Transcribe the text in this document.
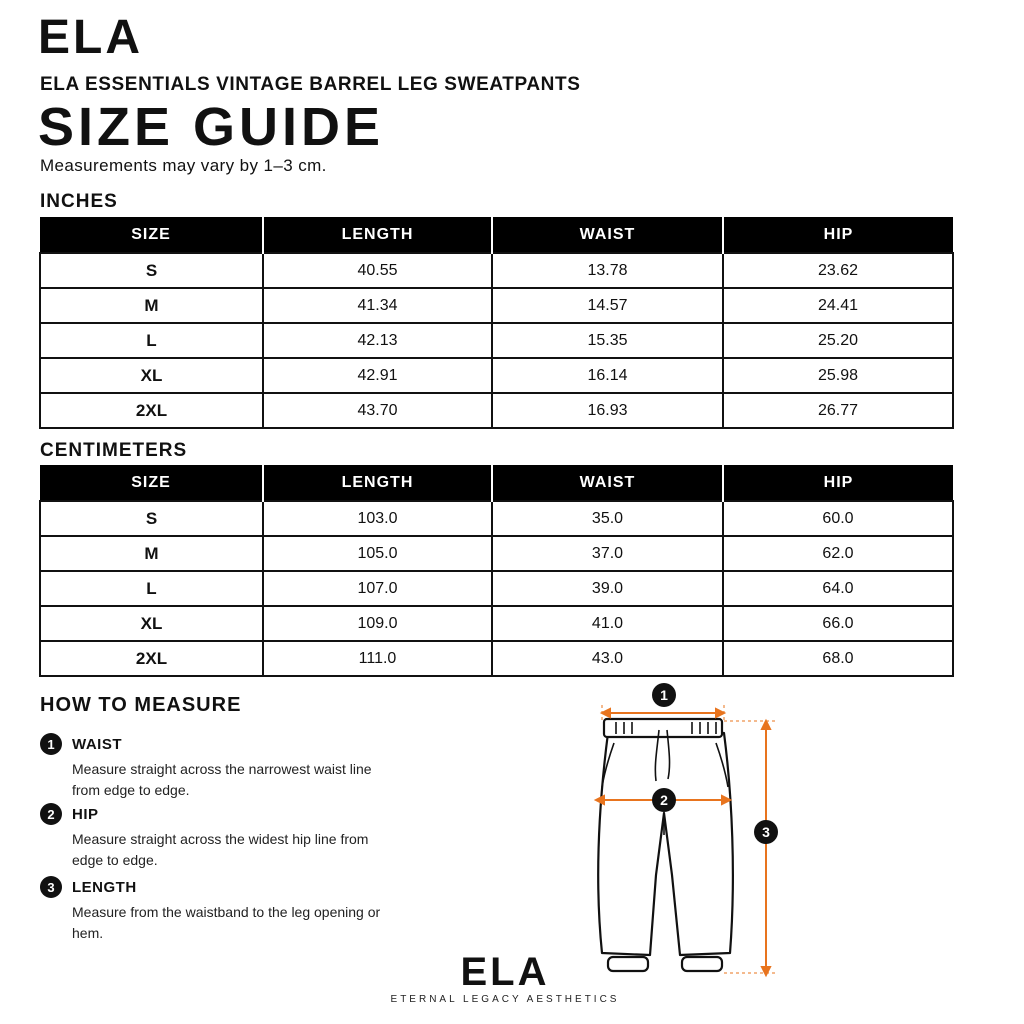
ELA
ELA ESSENTIALS VINTAGE BARREL LEG SWEATPANTS
SIZE GUIDE
Measurements may vary by 1–3 cm.
INCHES
SIZE	LENGTH	WAIST	HIP
S	40.55	13.78	23.62
M	41.34	14.57	24.41
L	42.13	15.35	25.20
XL	42.91	16.14	25.98
2XL	43.70	16.93	26.77
CENTIMETERS
SIZE	LENGTH	WAIST	HIP
S	103.0	35.0	60.0
M	105.0	37.0	62.0
L	107.0	39.0	64.0
XL	109.0	41.0	66.0
2XL	111.0	43.0	68.0
HOW TO MEASURE
1	WAIST
Measure straight across the narrowest waist line from edge to edge.
2	HIP
Measure straight across the widest hip line from edge to edge.
3	LENGTH
Measure from the waistband to the leg opening or hem.
1
2
3
ELA
ETERNAL LEGACY AESTHETICS
